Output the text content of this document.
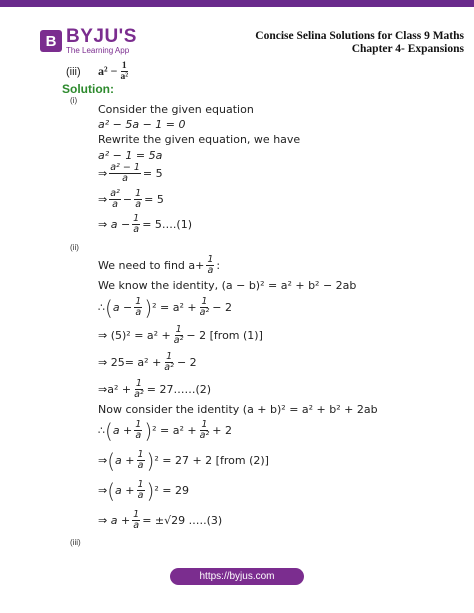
B BYJU'S
The Learning App
Concise Selina Solutions for Class 9 Maths Chapter 4- Expansions
(iii) $a^2 - \frac{1}{\text{a²}}$
Solution:
(i)
Consider the given equation
a² − 5a − 1 = 0
Rewrite the given equation, we have
a² − 1 = 5a
⇒ $\frac{\text{a² − 1}}{a} = 5$
⇒ $\frac{\text{a²}}{a} - \frac{1}{a} = 5$
⇒ $a - \frac{1}{a}$ = 5….(1)
(ii)
We need to find $a+ \frac{1}{a}$ :
We know the identity, (a − b)² = a² + b² − 2ab
∴ ( $a - \frac{1}{a}$ ) $^2 = a^2 + \frac{1}{\text{a²}} - 2$
⇒ $(5)^2 = a^2 + \frac{1}{\text{a²}} - 2$ [from (1)]
⇒ $25= a^2 + \frac{1}{\text{a²}} - 2$
⇒a² + $\frac{1}{\text{a²}}$ = 27……(2)
Now consider the identity (a + b)² = a² + b² + 2ab
∴ ( $a + \frac{1}{a}$ ) $^2 = a^2 + \frac{1}{\text{a²}} + 2$
⇒ ( $a + \frac{1}{a}$ ) ² = 27 + 2 [from (2)]
⇒ ( $a + \frac{1}{a}$ ) ² = 29
⇒ $a + \frac{1}{a} = \pm√29$ .….(3)
(iii)
https://byjus.com
